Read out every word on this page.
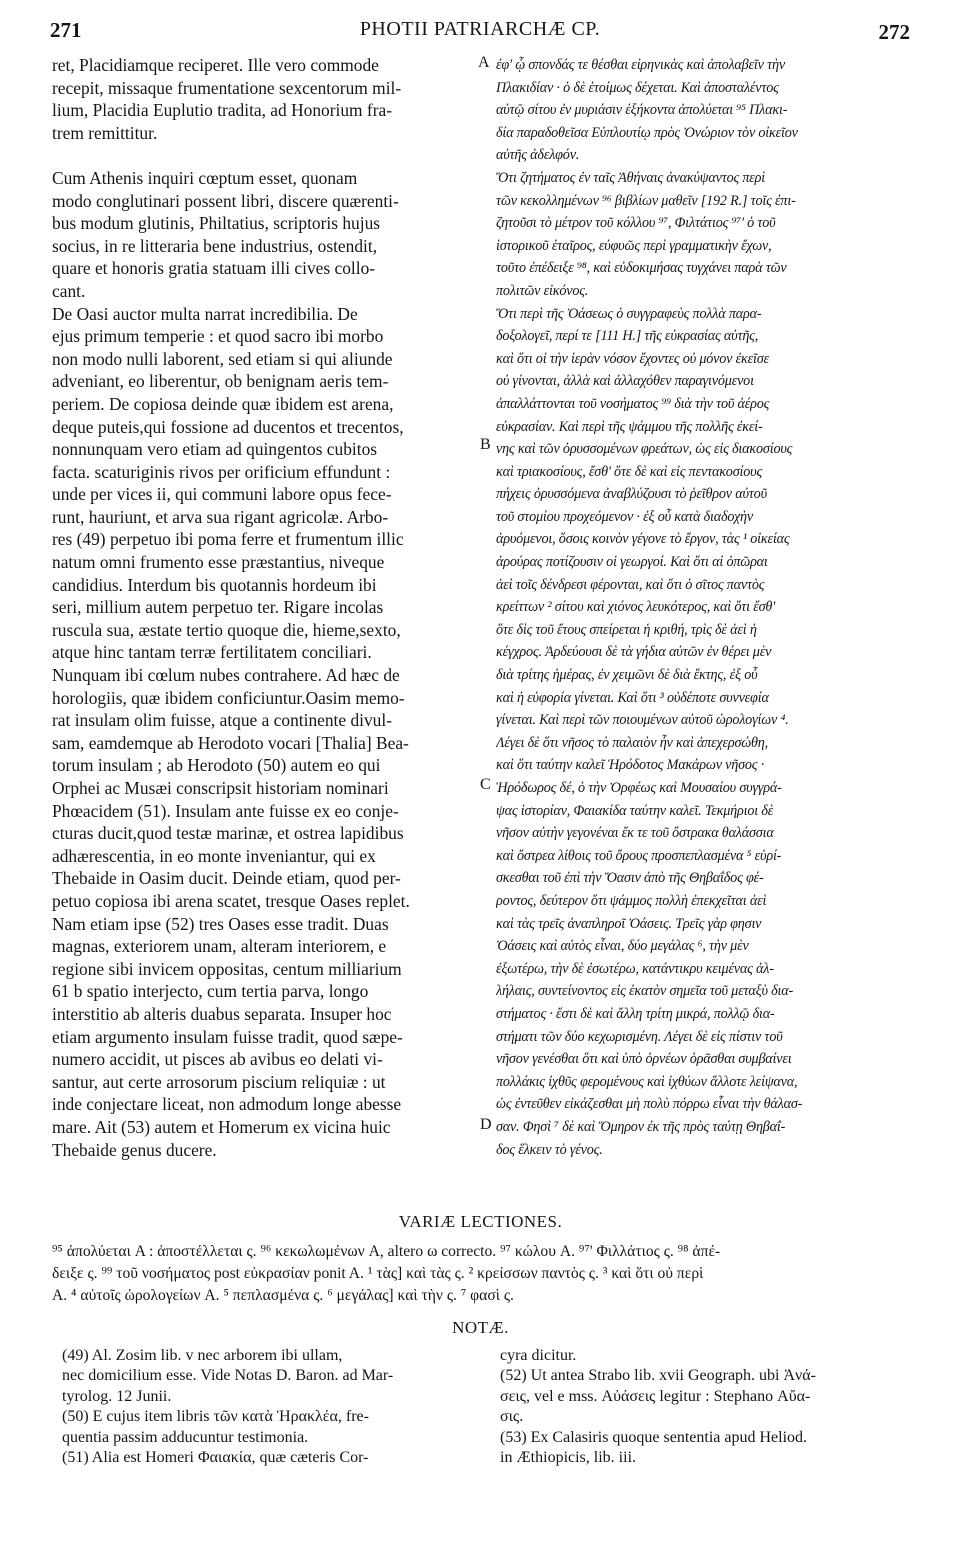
271	PHOTII PATRIARCHÆ CP.	272
ret, Placidiamque reciperet. Ille vero commode
recepit, missaque frumentatione sexcentorum mil-
lium, Placidia Euplutio tradita, ad Honorium fra-
trem remittitur.
Cum Athenis inquiri cœptum esset, quonam
modo conglutinari possent libri, discere quærenti-
bus modum glutinis, Philtatius, scriptoris hujus
socius, in re litteraria bene industrius, ostendit,
quare et honoris gratia statuam illi cives collo-
cant.
De Oasi auctor multa narrat incredibilia. De
ejus primum temperie : et quod sacro ibi morbo
non modo nulli laborent, sed etiam si qui aliunde
adveniant, eo liberentur, ob benignam aeris tem-
periem. De copiosa deinde quæ ibidem est arena,
deque puteis,qui fossione ad ducentos et trecentos,
nonnunquam vero etiam ad quingentos cubitos
facta. scaturiginis rivos per orificium effundunt :
unde per vices ii, qui communi labore opus fece-
runt, hauriunt, et arva sua rigant agricolæ. Arbo-
res (49) perpetuo ibi poma ferre et frumentum illic
natum omni frumento esse præstantius, niveque
candidius. Interdum bis quotannis hordeum ibi
seri, millium autem perpetuo ter. Rigare incolas
ruscula sua, æstate tertio quoque die, hieme,sexto,
atque hinc tantam terræ fertilitatem conciliari.
Nunquam ibi cœlum nubes contrahere. Ad hæc de
horologiis, quæ ibidem conficiuntur.Oasim memo-
rat insulam olim fuisse, atque a continente divul-
sam, eamdemque ab Herodoto vocari [Thalia] Bea-
torum insulam ; ab Herodoto (50) autem eo qui
Orphei ac Musæi conscripsit historiam nominari
Phœacidem (51). Insulam ante fuisse ex eo conje-
cturas ducit,quod testæ marinæ, et ostrea lapidibus
adhærescentia, in eo monte inveniantur, qui ex
Thebaide in Oasim ducit. Deinde etiam, quod per-
petuo copiosa ibi arena scatet, tresque Oases replet.
Nam etiam ipse (52) tres Oases esse tradit. Duas
magnas, exteriorem unam, alteram interiorem, e
regione sibi invicem oppositas, centum milliarium
61 b spatio interjecto, cum tertia parva, longo
interstitio ab alteris duabus separata. Insuper hoc
etiam argumento insulam fuisse tradit, quod sæpe-
numero accidit, ut pisces ab avibus eo delati vi-
santur, aut certe arrosorum piscium reliquiæ : ut
inde conjectare liceat, non admodum longe abesse
mare. Ait (53) autem et Homerum ex vicina huic
Thebaide genus ducere.
ἐφ' ᾧ σπονδάς τε θέσθαι εἰρηνικὰς καὶ ἀπολαβεῖν τὴν
Πλακιδίαν · ὁ δὲ ἑτοίμως δέχεται. Καὶ ἀποσταλέντος
αὐτῷ σίτου ἐν μυριάσιν ἑξήκοντα ἀπολύεται ⁹⁵ Πλακι-
δία παραδοθεῖσα Εὐπλουτίῳ πρὸς Ὀνώριον τὸν οἰκεῖον
αὐτῆς ἀδελφόν.
Ὅτι ζητήματος ἐν ταῖς Ἀθήναις ἀνακύψαντος περὶ
τῶν κεκολλημένων ⁹⁶ βιβλίων μαθεῖν [192 R.] τοῖς ἐπι-
ζητοῦσι τὸ μέτρον τοῦ κόλλου ⁹⁷, Φιλτάτιος ⁹⁷' ὁ τοῦ
ἱστορικοῦ ἑταῖρος, εὐφυῶς περὶ γραμματικὴν ἔχων,
τοῦτο ἐπέδειξε ⁹⁸, καὶ εὐδοκιμήσας τυγχάνει παρὰ τῶν
πολιτῶν εἰκόνος.
Ὅτι περὶ τῆς Ὀάσεως ὁ συγγραφεὺς πολλὰ παρα-
δοξολογεῖ, περί τε [111 H.] τῆς εὐκρασίας αὐτῆς,
καὶ ὅτι οἱ τὴν ἱερὰν νόσον ἔχοντες οὐ μόνον ἐκεῖσε
οὐ γίνονται, ἀλλὰ καὶ ἀλλαχόθεν παραγινόμενοι
ἀπαλλάττονται τοῦ νοσήματος ⁹⁹ διὰ τὴν τοῦ ἀέρος
εὐκρασίαν. Καὶ περὶ τῆς ψάμμου τῆς πολλῆς ἐκεί-
νης καὶ τῶν ὀρυσσομένων φρεάτων, ὡς εἰς διακοσίους
καὶ τριακοσίους, ἔσθ' ὅτε δὲ καὶ εἰς πεντακοσίους
πήχεις ὀρυσσόμενα ἀναβλύζουσι τὸ ῥεῖθρον αὐτοῦ
τοῦ στομίου προχεόμενον · ἐξ οὗ κατὰ διαδοχὴν
ἀρυόμενοι, ὅσοις κοινὸν γέγονε τὸ ἔργον, τὰς ¹ οἰκείας
ἀρούρας ποτίζουσιν οἱ γεωργοί. Καὶ ὅτι αἱ ὀπῶραι
ἀεὶ τοῖς δένδρεσι φέρονται, καὶ ὅτι ὁ σῖτος παντὸς
κρείττων ² σίτου καὶ χιόνος λευκότερος, καὶ ὅτι ἔσθ'
ὅτε δὶς τοῦ ἔτους σπείρεται ἡ κριθή, τρὶς δὲ ἀεὶ ἡ
κέγχρος. Ἀρδεύουσι δὲ τὰ γήδια αὐτῶν ἐν θέρει μὲν
διὰ τρίτης ἡμέρας, ἐν χειμῶνι δὲ διὰ ἕκτης, ἐξ οὗ
καὶ ἡ εὐφορία γίνεται. Καὶ ὅτι ³ οὐδέποτε συννεφία
γίνεται. Καὶ περὶ τῶν ποιουμένων αὐτοῦ ὡρολογίων ⁴.
Λέγει δὲ ὅτι νῆσος τὸ παλαιὸν ἦν καὶ ἀπεχερσώθη,
καὶ ὅτι ταύτην καλεῖ Ἡρόδοτος Μακάρων νῆσος ·
Ἡρόδωρος δέ, ὁ τὴν Ὀρφέως καὶ Μουσαίου συγγρά-
ψας ἱστορίαν, Φαιακίδα ταύτην καλεῖ. Τεκμήριοι δὲ
νῆσον αὐτὴν γεγονέναι ἔκ τε τοῦ ὄστρακα θαλάσσια
καὶ ὄστρεα λίθοις τοῦ ὄρους προσπεπλασμένα ⁵ εὑρί-
σκεσθαι τοῦ ἐπὶ τὴν Ὄασιν ἀπὸ τῆς Θηβαΐδος φέ-
ροντος, δεύτερον ὅτι ψάμμος πολλὴ ἐπεκχεῖται ἀεὶ
καὶ τὰς τρεῖς ἀναπληροῖ Ὀάσεις. Τρεῖς γὰρ φησιν
Ὀάσεις καὶ αὐτὸς εἶναι, δύο μεγάλας ⁶, τὴν μὲν
ἐξωτέρω, τὴν δὲ ἐσωτέρω, κατάντικρυ κειμένας ἀλ-
λήλαις, συντείνοντος εἰς ἑκατὸν σημεῖα τοῦ μεταξὺ δια-
στήματος · ἔστι δὲ καὶ ἄλλη τρίτη μικρά, πολλῷ δια-
στήματι τῶν δύο κεχωρισμένη. Λέγει δὲ εἰς πίστιν τοῦ
νῆσον γενέσθαι ὅτι καὶ ὑπὸ ὀρνέων ὁρᾶσθαι συμβαίνει
πολλάκις ἰχθῦς φερομένους καὶ ἰχθύων ἄλλοτε λείψανα,
ὡς ἐντεῦθεν εἰκάζεσθαι μὴ πολὺ πόρρω εἶναι τὴν θάλασ-
σαν. Φησὶ ⁷ δὲ καὶ Ὅμηρον ἐκ τῆς πρὸς ταύτῃ Θηβαΐ-
δος ἕλκειν τὸ γένος.
A
B
C
D
VARIÆ LECTIONES.
⁹⁵ ἀπολύεται A : ἀποστέλλεται ς. ⁹⁶ κεκωλωμένων A, altero ω correcto. ⁹⁷ κώλου A. ⁹⁷' Φιλλάτιος ς. ⁹⁸ ἀπέ-
δειξε ς. ⁹⁹ τοῦ νοσήματος post εὐκρασίαν ponit A. ¹ τὰς] καὶ τὰς ς. ² κρείσσων παντὸς ς. ³ καὶ ὅτι οὐ περὶ
A. ⁴ αὐτοῖς ὡρολογείων A. ⁵ πεπλασμένα ς. ⁶ μεγάλας] καὶ τὴν ς. ⁷ φασὶ ς.
NOTÆ.
(49) Al. Zosim lib. v nec arborem ibi ullam,
nec domicilium esse. Vide Notas D. Baron. ad Mar-
tyrolog. 12 Junii.
(50) E cujus item libris τῶν κατὰ Ἡρακλέα, fre-
quentia passim adducuntur testimonia.
(51) Alia est Homeri Φαιακία, quæ cæteris Cor-
cyra dicitur.
(52) Ut antea Strabo lib. xvii Geograph. ubi Ἀνά-
σεις, vel e mss. Αὐάσεις legitur : Stephano Αὔα-
σις.
(53) Ex Calasiris quoque sententia apud Heliod.
in Æthiopicis, lib. iii.
